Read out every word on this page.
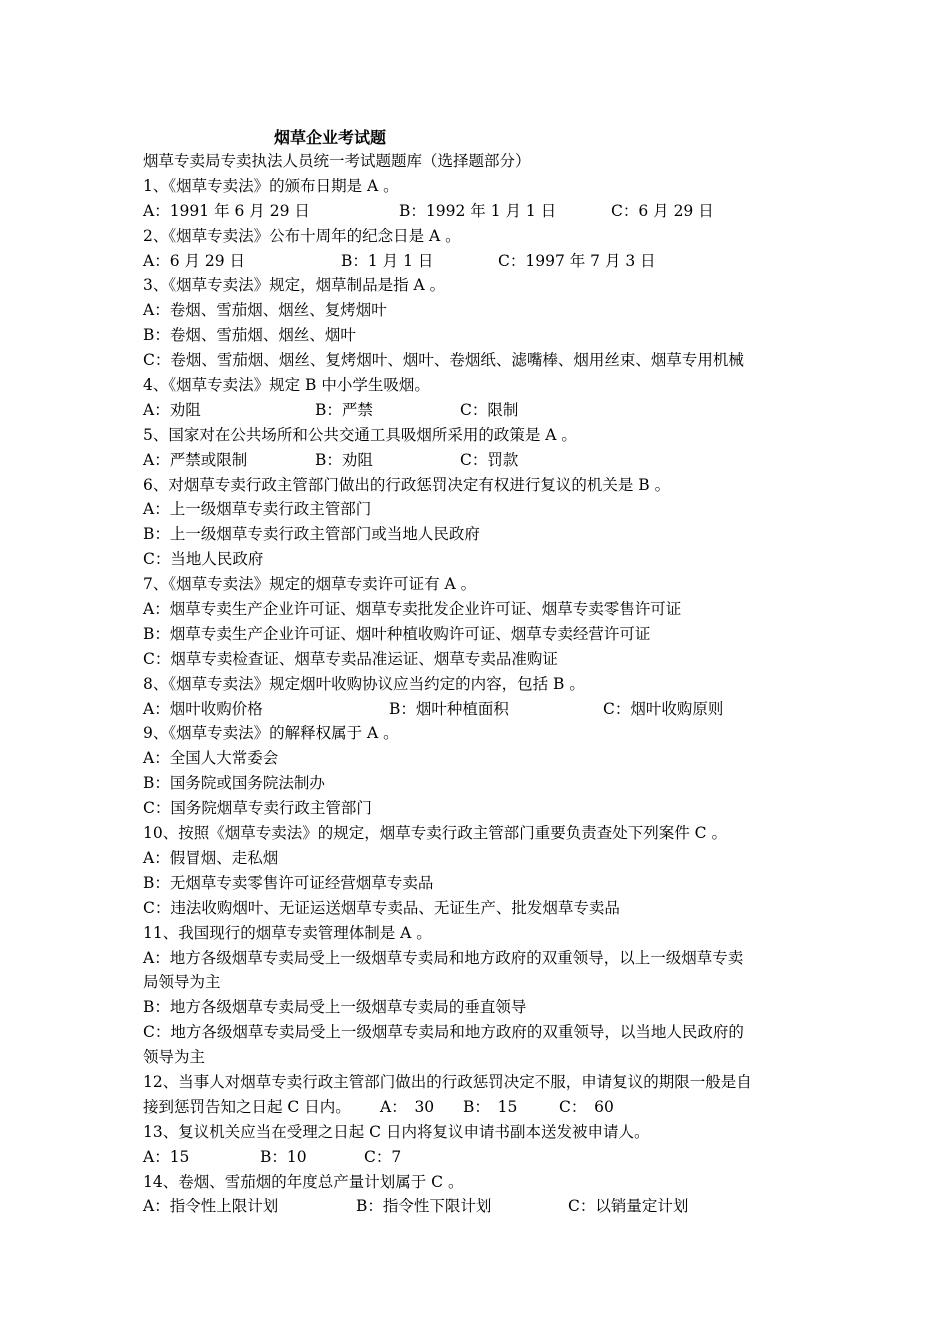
烟草企业考试题
烟草专卖局专卖执法人员统一考试题题库（选择题部分）
1、《烟草专卖法》的颁布日期是 A 。
A：1991 年 6 月 29 日	B：1992 年 1 月 1 日	C：6 月 29 日
2、《烟草专卖法》公布十周年的纪念日是 A 。
A：6 月 29 日	B：1 月 1 日	C：1997 年 7 月 3 日
3、《烟草专卖法》规定，烟草制品是指 A 。
A：卷烟、雪茄烟、烟丝、复烤烟叶
B：卷烟、雪茄烟、烟丝、烟叶
C：卷烟、雪茄烟、烟丝、复烤烟叶、烟叶、卷烟纸、滤嘴棒、烟用丝束、烟草专用机械
4、《烟草专卖法》规定 B 中小学生吸烟。
A：劝阻	B：严禁	C：限制
5、国家对在公共场所和公共交通工具吸烟所采用的政策是 A 。
A：严禁或限制	B：劝阻	C：罚款
6、对烟草专卖行政主管部门做出的行政惩罚决定有权进行复议的机关是 B 。
A：上一级烟草专卖行政主管部门
B：上一级烟草专卖行政主管部门或当地人民政府
C：当地人民政府
7、《烟草专卖法》规定的烟草专卖许可证有 A 。
A：烟草专卖生产企业许可证、烟草专卖批发企业许可证、烟草专卖零售许可证
B：烟草专卖生产企业许可证、烟叶种植收购许可证、烟草专卖经营许可证
C：烟草专卖检查证、烟草专卖品准运证、烟草专卖品准购证
8、《烟草专卖法》规定烟叶收购协议应当约定的内容，包括 B 。
A：烟叶收购价格	B：烟叶种植面积	C：烟叶收购原则
9、《烟草专卖法》的解释权属于 A 。
A：全国人大常委会
B：国务院或国务院法制办
C：国务院烟草专卖行政主管部门
10、按照《烟草专卖法》的规定，烟草专卖行政主管部门重要负责查处下列案件 C 。
A：假冒烟、走私烟
B：无烟草专卖零售许可证经营烟草专卖品
C：违法收购烟叶、无证运送烟草专卖品、无证生产、批发烟草专卖品
11、我国现行的烟草专卖管理体制是 A 。
A：地方各级烟草专卖局受上一级烟草专卖局和地方政府的双重领导，以上一级烟草专卖
局领导为主
B：地方各级烟草专卖局受上一级烟草专卖局的垂直领导
C：地方各级烟草专卖局受上一级烟草专卖局和地方政府的双重领导，以当地人民政府的
领导为主
12、当事人对烟草专卖行政主管部门做出的行政惩罚决定不服，申请复议的期限一般是自
接到惩罚告知之日起 C 日内。 A：　30 B：　15	C：　60
13、复议机关应当在受理之日起 C 日内将复议申请书副本送发被申请人。
A：15	B：10	C：7
14、卷烟、雪茄烟的年度总产量计划属于 C 。
A：指令性上限计划	B：指令性下限计划	C：以销量定计划
